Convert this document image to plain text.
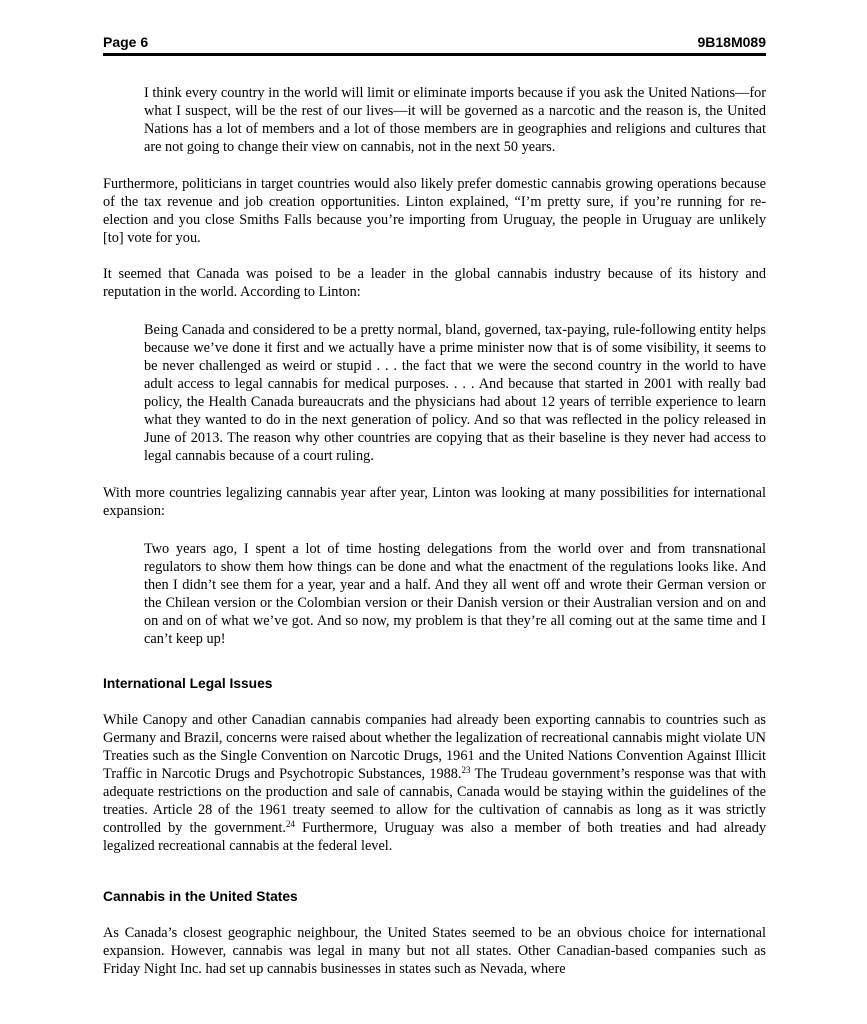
Page 6	9B18M089

I think every country in the world will limit or eliminate imports because if you ask the United Nations—for what I suspect, will be the rest of our lives—it will be governed as a narcotic and the reason is, the United Nations has a lot of members and a lot of those members are in geographies and religions and cultures that are not going to change their view on cannabis, not in the next 50 years.

Furthermore, politicians in target countries would also likely prefer domestic cannabis growing operations because of the tax revenue and job creation opportunities. Linton explained, “I’m pretty sure, if you’re running for re-election and you close Smiths Falls because you’re importing from Uruguay, the people in Uruguay are unlikely [to] vote for you.

It seemed that Canada was poised to be a leader in the global cannabis industry because of its history and reputation in the world. According to Linton:

Being Canada and considered to be a pretty normal, bland, governed, tax-paying, rule-following entity helps because we’ve done it first and we actually have a prime minister now that is of some visibility, it seems to be never challenged as weird or stupid . . . the fact that we were the second country in the world to have adult access to legal cannabis for medical purposes. . . . And because that started in 2001 with really bad policy, the Health Canada bureaucrats and the physicians had about 12 years of terrible experience to learn what they wanted to do in the next generation of policy. And so that was reflected in the policy released in June of 2013. The reason why other countries are copying that as their baseline is they never had access to legal cannabis because of a court ruling.

With more countries legalizing cannabis year after year, Linton was looking at many possibilities for international expansion:

Two years ago, I spent a lot of time hosting delegations from the world over and from transnational regulators to show them how things can be done and what the enactment of the regulations looks like. And then I didn’t see them for a year, year and a half. And they all went off and wrote their German version or the Chilean version or the Colombian version or their Danish version or their Australian version and on and on and on of what we’ve got. And so now, my problem is that they’re all coming out at the same time and I can’t keep up!

International Legal Issues

While Canopy and other Canadian cannabis companies had already been exporting cannabis to countries such as Germany and Brazil, concerns were raised about whether the legalization of recreational cannabis might violate UN Treaties such as the Single Convention on Narcotic Drugs, 1961 and the United Nations Convention Against Illicit Traffic in Narcotic Drugs and Psychotropic Substances, 1988.23 The Trudeau government’s response was that with adequate restrictions on the production and sale of cannabis, Canada would be staying within the guidelines of the treaties. Article 28 of the 1961 treaty seemed to allow for the cultivation of cannabis as long as it was strictly controlled by the government.$^{24}$ Furthermore, Uruguay was also a member of both treaties and had already legalized recreational cannabis at the federal level.

Cannabis in the United States

As Canada’s closest geographic neighbour, the United States seemed to be an obvious choice for international expansion. However, cannabis was legal in many but not all states. Other Canadian-based companies such as Friday Night Inc. had set up cannabis businesses in states such as Nevada, where
